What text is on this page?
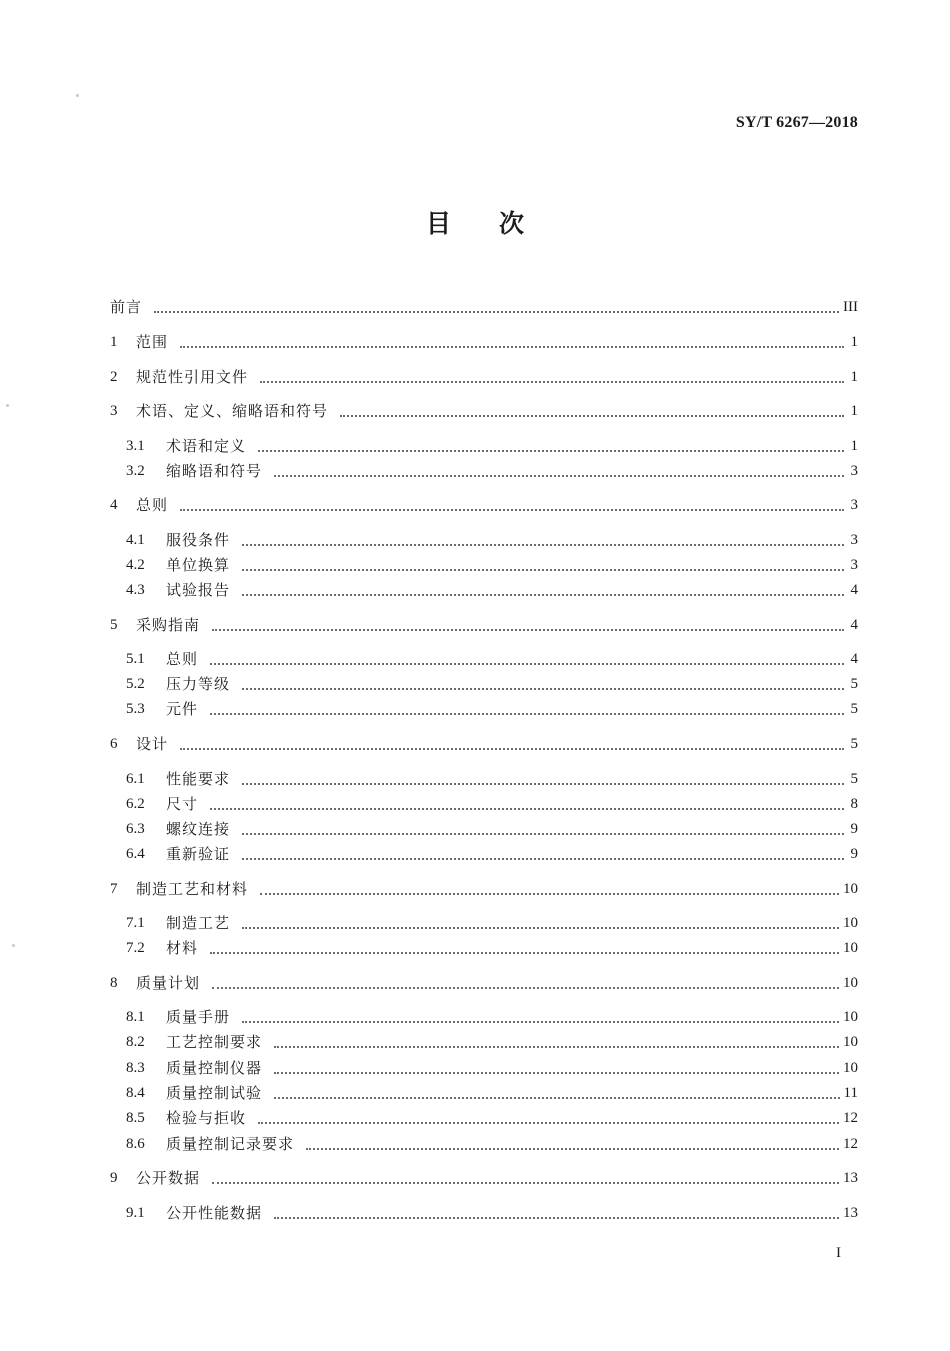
SY/T 6267—2018
目 次
前言	III
1	范围	1
2	规范性引用文件	1
3	术语、定义、缩略语和符号	1
3.1	术语和定义	1
3.2	缩略语和符号	3
4	总则	3
4.1	服役条件	3
4.2	单位换算	3
4.3	试验报告	4
5	采购指南	4
5.1	总则	4
5.2	压力等级	5
5.3	元件	5
6	设计	5
6.1	性能要求	5
6.2	尺寸	8
6.3	螺纹连接	9
6.4	重新验证	9
7	制造工艺和材料	10
7.1	制造工艺	10
7.2	材料	10
8	质量计划	10
8.1	质量手册	10
8.2	工艺控制要求	10
8.3	质量控制仪器	10
8.4	质量控制试验	11
8.5	检验与拒收	12
8.6	质量控制记录要求	12
9	公开数据	13
9.1	公开性能数据	13
I
